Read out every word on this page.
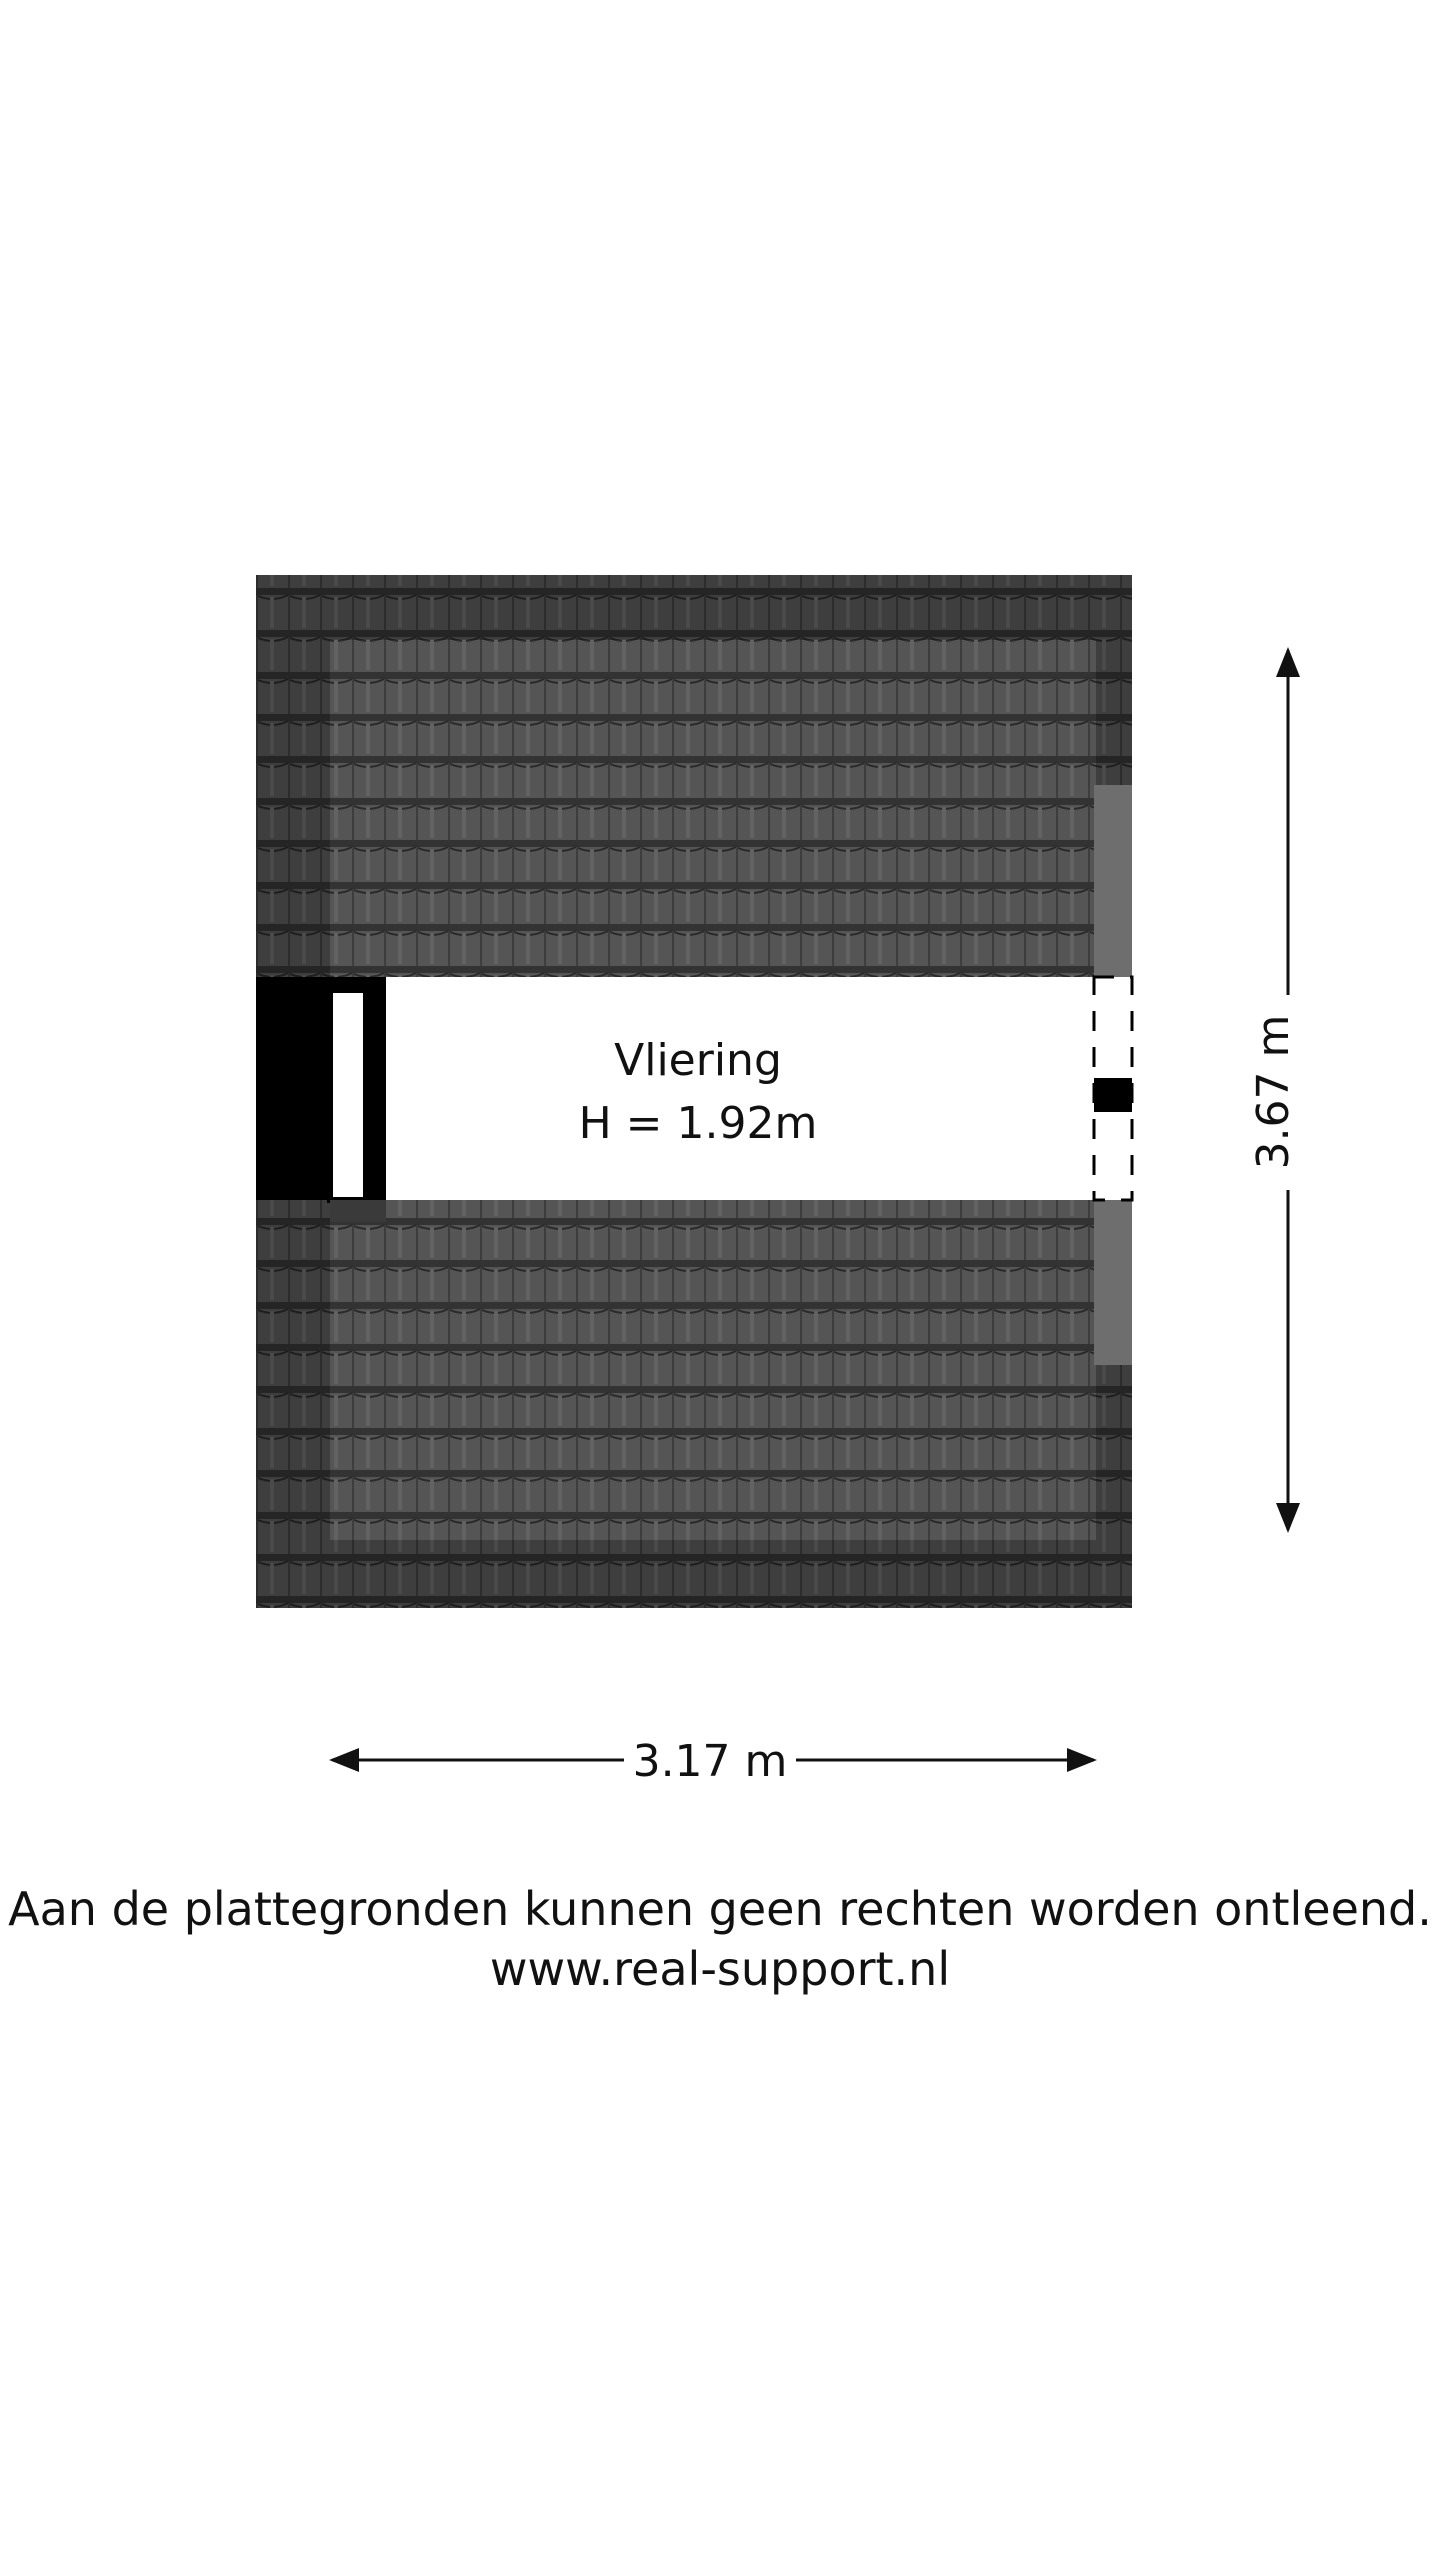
Vliering
H = 1.92m	3.67 m
3.17 m
Aan de plattegronden kunnen geen rechten worden ontleend.
www.real-support.nl
